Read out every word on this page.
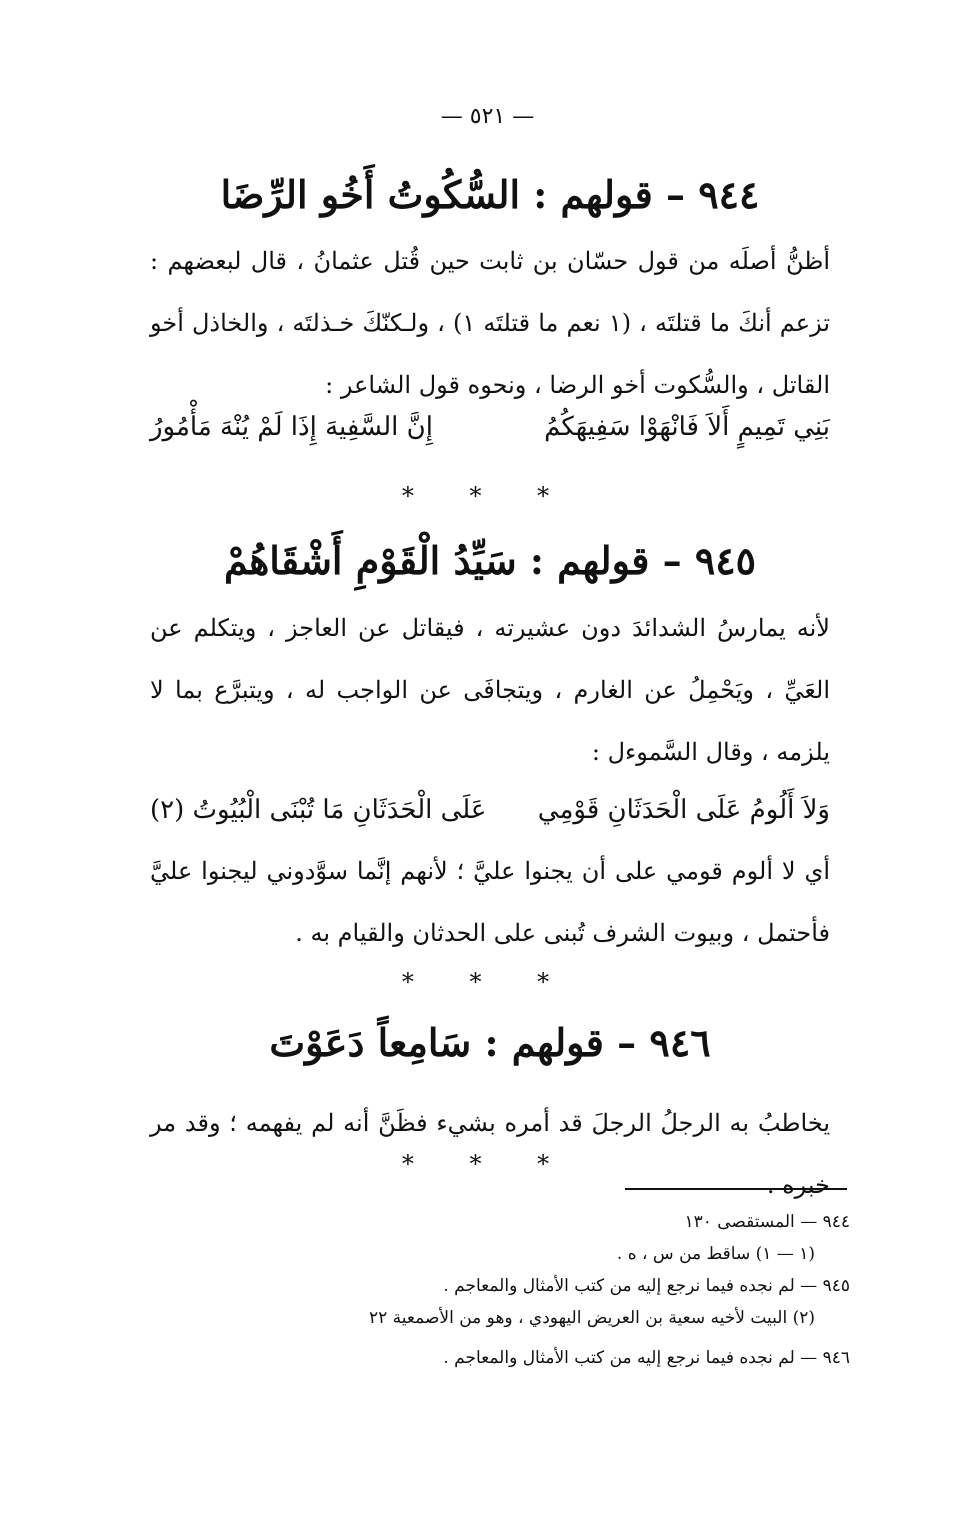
— ٥٢١ —
٩٤٤ – قولهم : السُّكُوتُ أَخُو الرِّضَا
أظنُّ أصلَه من قول حسّان بن ثابت حين قُتل عثمانُ ، قال لبعضهم : تزعم أنكَ ما قتلتَه ، (١ نعم ما قتلتَه ١) ، ولـكنّكَ خـذلتَه ، والخاذل أخو القاتل ، والسُّكوت أخو الرضا ، ونحوه قول الشاعر :
بَنِي تَمِيمٍ أَلاَ فَانْهَوْا سَفِيهَكُمُ
إِنَّ السَّفِيهَ إِذَا لَمْ يُنْهَ مَأْمُورُ
* * *
٩٤٥ – قولهم : سَيِّدُ الْقَوْمِ أَشْقَاهُمْ
لأنه يمارسُ الشدائدَ دون عشيرته ، فيقاتل عن العاجز ، ويتكلم عن العَيِّ ، ويَحْمِلُ عن الغارم ، ويتجافَى عن الواجب له ، ويتبرَّع بما لا يلزمه ، وقال السَّموءل :
وَلاَ أَلُومُ عَلَى الْحَدَثَانِ قَوْمِي
عَلَى الْحَدَثَانِ مَا تُبْنَى الْبُيُوتُ (٢)
أي لا ألوم قومي على أن يجنوا عليَّ ؛ لأنهم إنَّما سوَّدوني ليجنوا عليَّ فأحتمل ، وبيوت الشرف تُبنى على الحدثان والقيام به .
* * *
٩٤٦ – قولهم : سَامِعاً دَعَوْتَ
يخاطبُ به الرجلُ الرجلَ قد أمره بشيء فظَنَّ أنه لم يفهمه ؛ وقد مر خبره .
* * *
٩٤٤ — المستقصى ١٣٠
(١ — ١) ساقط من س ، ه .
٩٤٥ — لم نجده فيما نرجع إليه من كتب الأمثال والمعاجم .
(٢) البيت لأخيه سعية بن العريض اليهودي ، وهو من الأصمعية ٢٢
٩٤٦ — لم نجده فيما نرجع إليه من كتب الأمثال والمعاجم .
